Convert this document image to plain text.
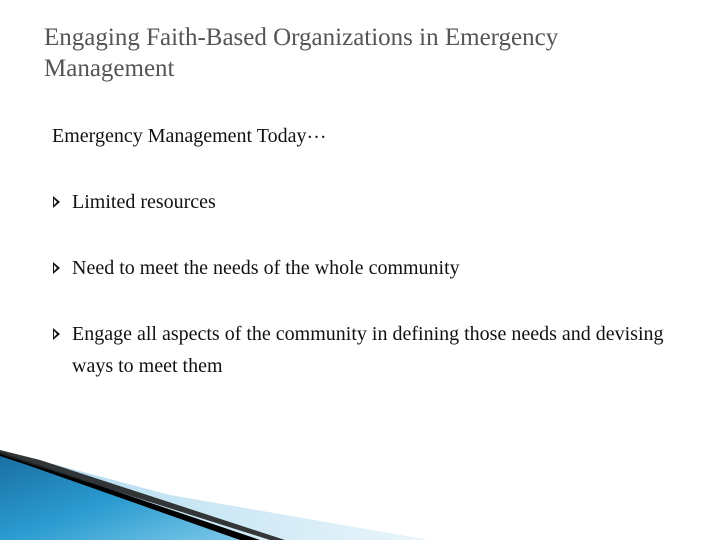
Engaging Faith-Based Organizations in Emergency Management

Emergency Management Today…

Limited resources
Need to meet the needs of the whole community
Engage all aspects of the community in defining those needs and devising ways to meet them
